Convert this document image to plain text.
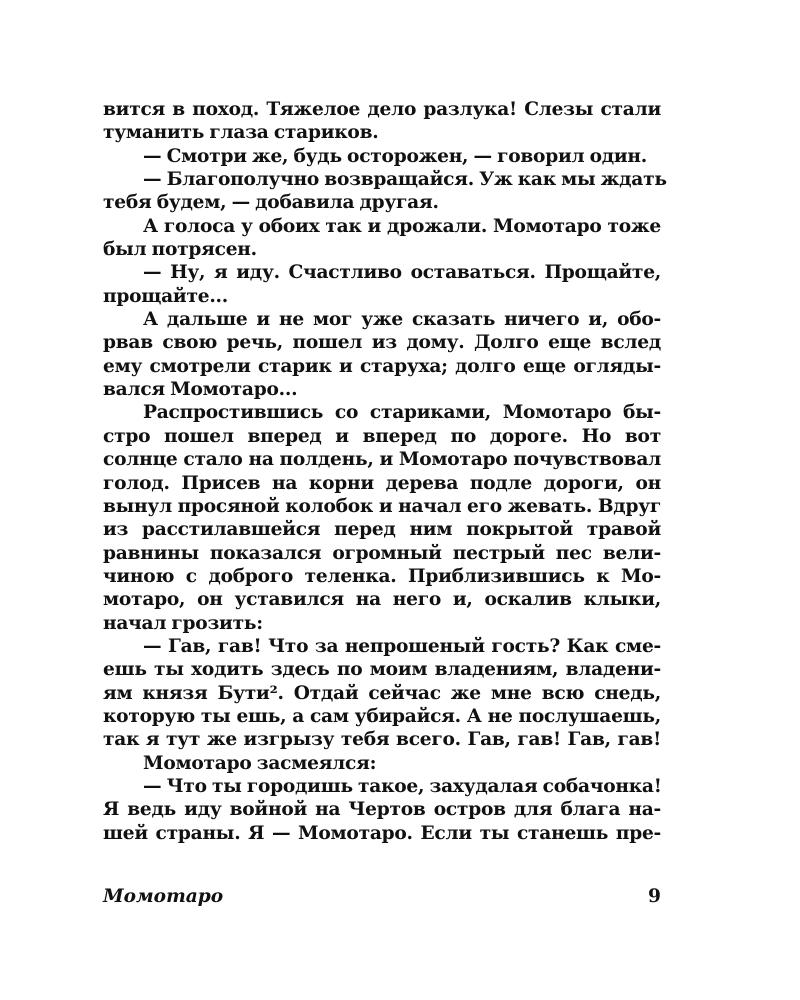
вится в поход. Тяжелое дело разлука! Слезы стали
туманить глаза стариков.
— Смотри же, будь осторожен, — говорил один.
— Благополучно возвращайся. Уж как мы ждать
тебя будем, — добавила другая.
А голоса у обоих так и дрожали. Момотаро тоже
был потрясен.
— Ну, я иду. Счастливо оставаться. Прощайте,
прощайте...
А дальше и не мог уже сказать ничего и, обо-
рвав свою речь, пошел из дому. Долго еще вслед
ему смотрели старик и старуха; долго еще огляды-
вался Момотаро...
Распростившись со стариками, Момотаро бы-
стро пошел вперед и вперед по дороге. Но вот
солнце стало на полдень, и Момотаро почувствовал
голод. Присев на корни дерева подле дороги, он
вынул просяной колобок и начал его жевать. Вдруг
из расстилавшейся перед ним покрытой травой
равнины показался огромный пестрый пес вели-
чиною с доброго теленка. Приблизившись к Мо-
мотаро, он уставился на него и, оскалив клыки,
начал грозить:
— Гав, гав! Что за непрошеный гость? Как сме-
ешь ты ходить здесь по моим владениям, владени-
ям князя Бути². Отдай сейчас же мне всю снедь,
которую ты ешь, а сам убирайся. А не послушаешь,
так я тут же изгрызу тебя всего. Гав, гав! Гав, гав!
Момотаро засмеялся:
— Что ты городишь такое, захудалая собачонка!
Я ведь иду войной на Чертов остров для блага на-
шей страны. Я — Момотаро. Если ты станешь пре-
Момотаро	9
